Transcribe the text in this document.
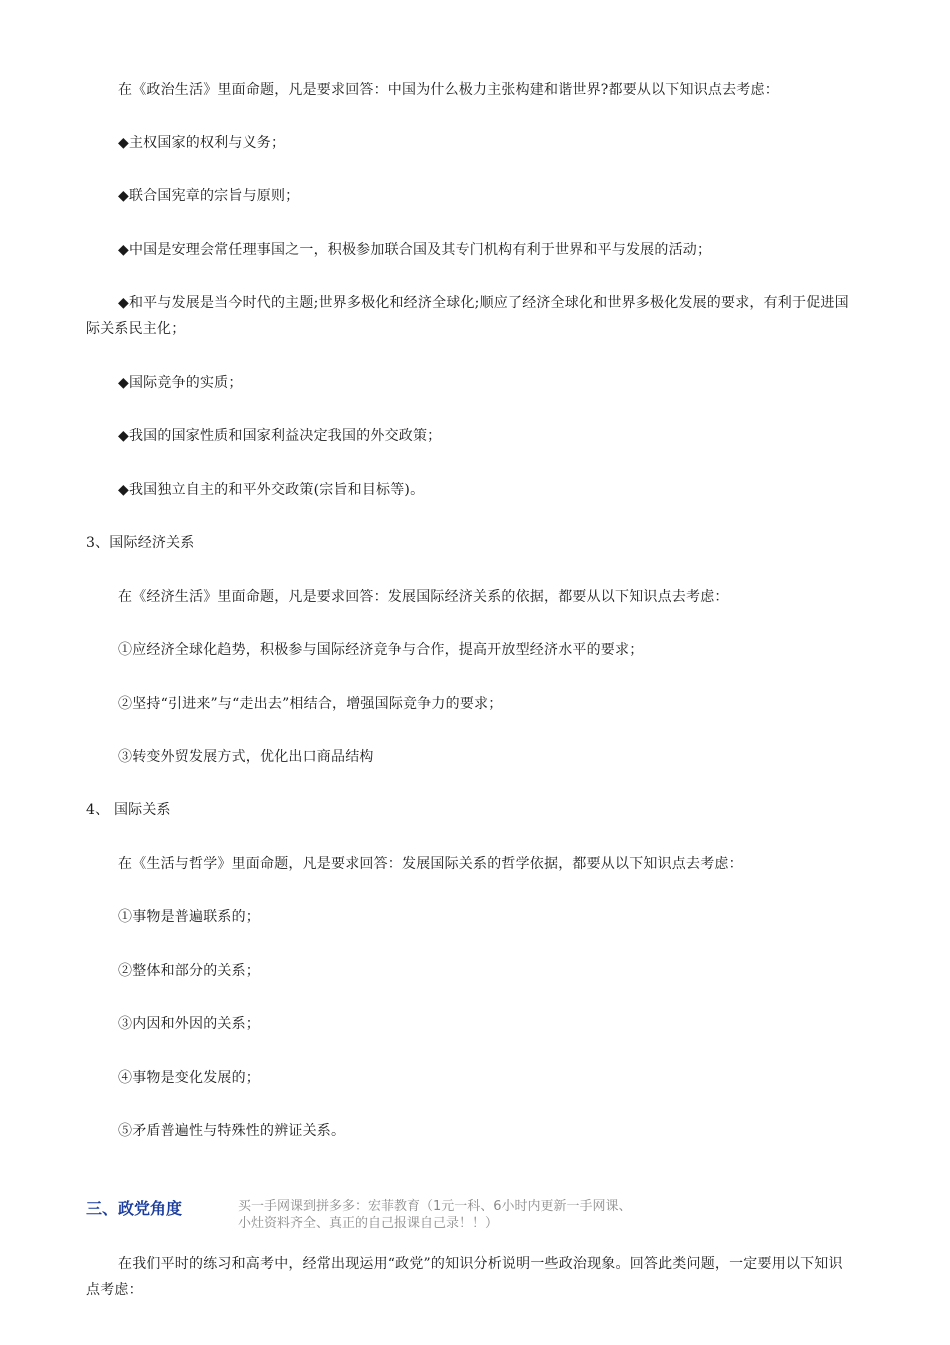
在《政治生活》里面命题，凡是要求回答：中国为什么极力主张构建和谐世界?都要从以下知识点去考虑：
◆主权国家的权利与义务；
◆联合国宪章的宗旨与原则；
◆中国是安理会常任理事国之一，积极参加联合国及其专门机构有利于世界和平与发展的活动；
◆和平与发展是当今时代的主题;世界多极化和经济全球化;顺应了经济全球化和世界多极化发展的要求，有利于促进国际关系民主化；
◆国际竞争的实质；
◆我国的国家性质和国家利益决定我国的外交政策；
◆我国独立自主的和平外交政策(宗旨和目标等)。
3、国际经济关系
在《经济生活》里面命题，凡是要求回答：发展国际经济关系的依据，都要从以下知识点去考虑：
①应经济全球化趋势，积极参与国际经济竞争与合作，提高开放型经济水平的要求；
②坚持“引进来”与“走出去”相结合，增强国际竞争力的要求；
③转变外贸发展方式，优化出口商品结构
4、 国际关系
在《生活与哲学》里面命题，凡是要求回答：发展国际关系的哲学依据，都要从以下知识点去考虑：
①事物是普遍联系的；
②整体和部分的关系；
③内因和外因的关系；
④事物是变化发展的；
⑤矛盾普遍性与特殊性的辨证关系。
三、政党角度	买一手网课到拼多多：宏菲教育（1元一科、6小时内更新一手网课、
小灶资料齐全、真正的自己报课自己录！！）
在我们平时的练习和高考中，经常出现运用“政党”的知识分析说明一些政治现象。回答此类问题，一定要用以下知识点考虑：
